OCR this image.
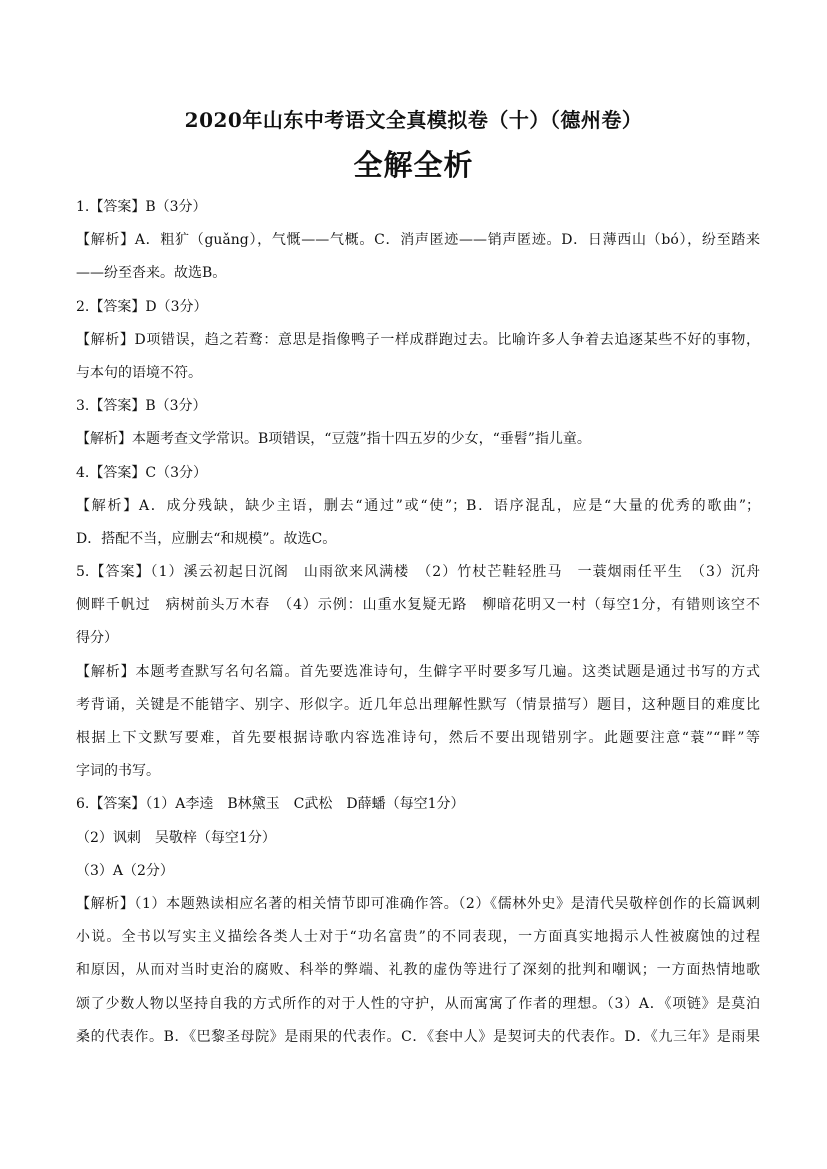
2020年山东中考语文全真模拟卷（十）（德州卷）
全解全析
1.【答案】B（3分）
【解析】A．粗犷（guǎng），气慨——气概。C．消声匿迹——销声匿迹。D．日薄西山（bó），纷至踏来
——纷至沓来。故选B。
2.【答案】D（3分）
【解析】D项错误，趋之若鹜：意思是指像鸭子一样成群跑过去。比喻许多人争着去追逐某些不好的事物，
与本句的语境不符。
3.【答案】B（3分）
【解析】本题考查文学常识。B项错误，“豆蔻”指十四五岁的少女，“垂髫”指儿童。
4.【答案】C（3分）
【解析】A．成分残缺，缺少主语，删去“通过”或“使”；B．语序混乱，应是“大量的优秀的歌曲”；
D．搭配不当，应删去“和规模”。故选C。
5.【答案】（1）溪云初起日沉阁　山雨欲来风满楼　（2）竹杖芒鞋轻胜马　一蓑烟雨任平生　（3）沉舟
侧畔千帆过　病树前头万木春　（4）示例：山重水复疑无路　柳暗花明又一村（每空1分，有错则该空不
得分）
【解析】本题考查默写名句名篇。首先要选准诗句，生僻字平时要多写几遍。这类试题是通过书写的方式
考背诵，关键是不能错字、别字、形似字。近几年总出理解性默写（情景描写）题目，这种题目的难度比
根据上下文默写要难，首先要根据诗歌内容选准诗句，然后不要出现错别字。此题要注意“蓑”“畔”等
字词的书写。
6.【答案】（1）A李逵　B林黛玉　C武松　D薛蟠（每空1分）
（2）讽刺　吴敬梓（每空1分）
（3）A（2分）
【解析】（1）本题熟读相应名著的相关情节即可准确作答。（2）《儒林外史》是清代吴敬梓创作的长篇讽刺
小说。全书以写实主义描绘各类人士对于“功名富贵”的不同表现，一方面真实地揭示人性被腐蚀的过程
和原因，从而对当时吏治的腐败、科举的弊端、礼教的虚伪等进行了深刻的批判和嘲讽；一方面热情地歌
颂了少数人物以坚持自我的方式所作的对于人性的守护，从而寓寓了作者的理想。（3）A．《项链》是莫泊
桑的代表作。B．《巴黎圣母院》是雨果的代表作。C．《套中人》是契诃夫的代表作。D．《九三年》是雨果
